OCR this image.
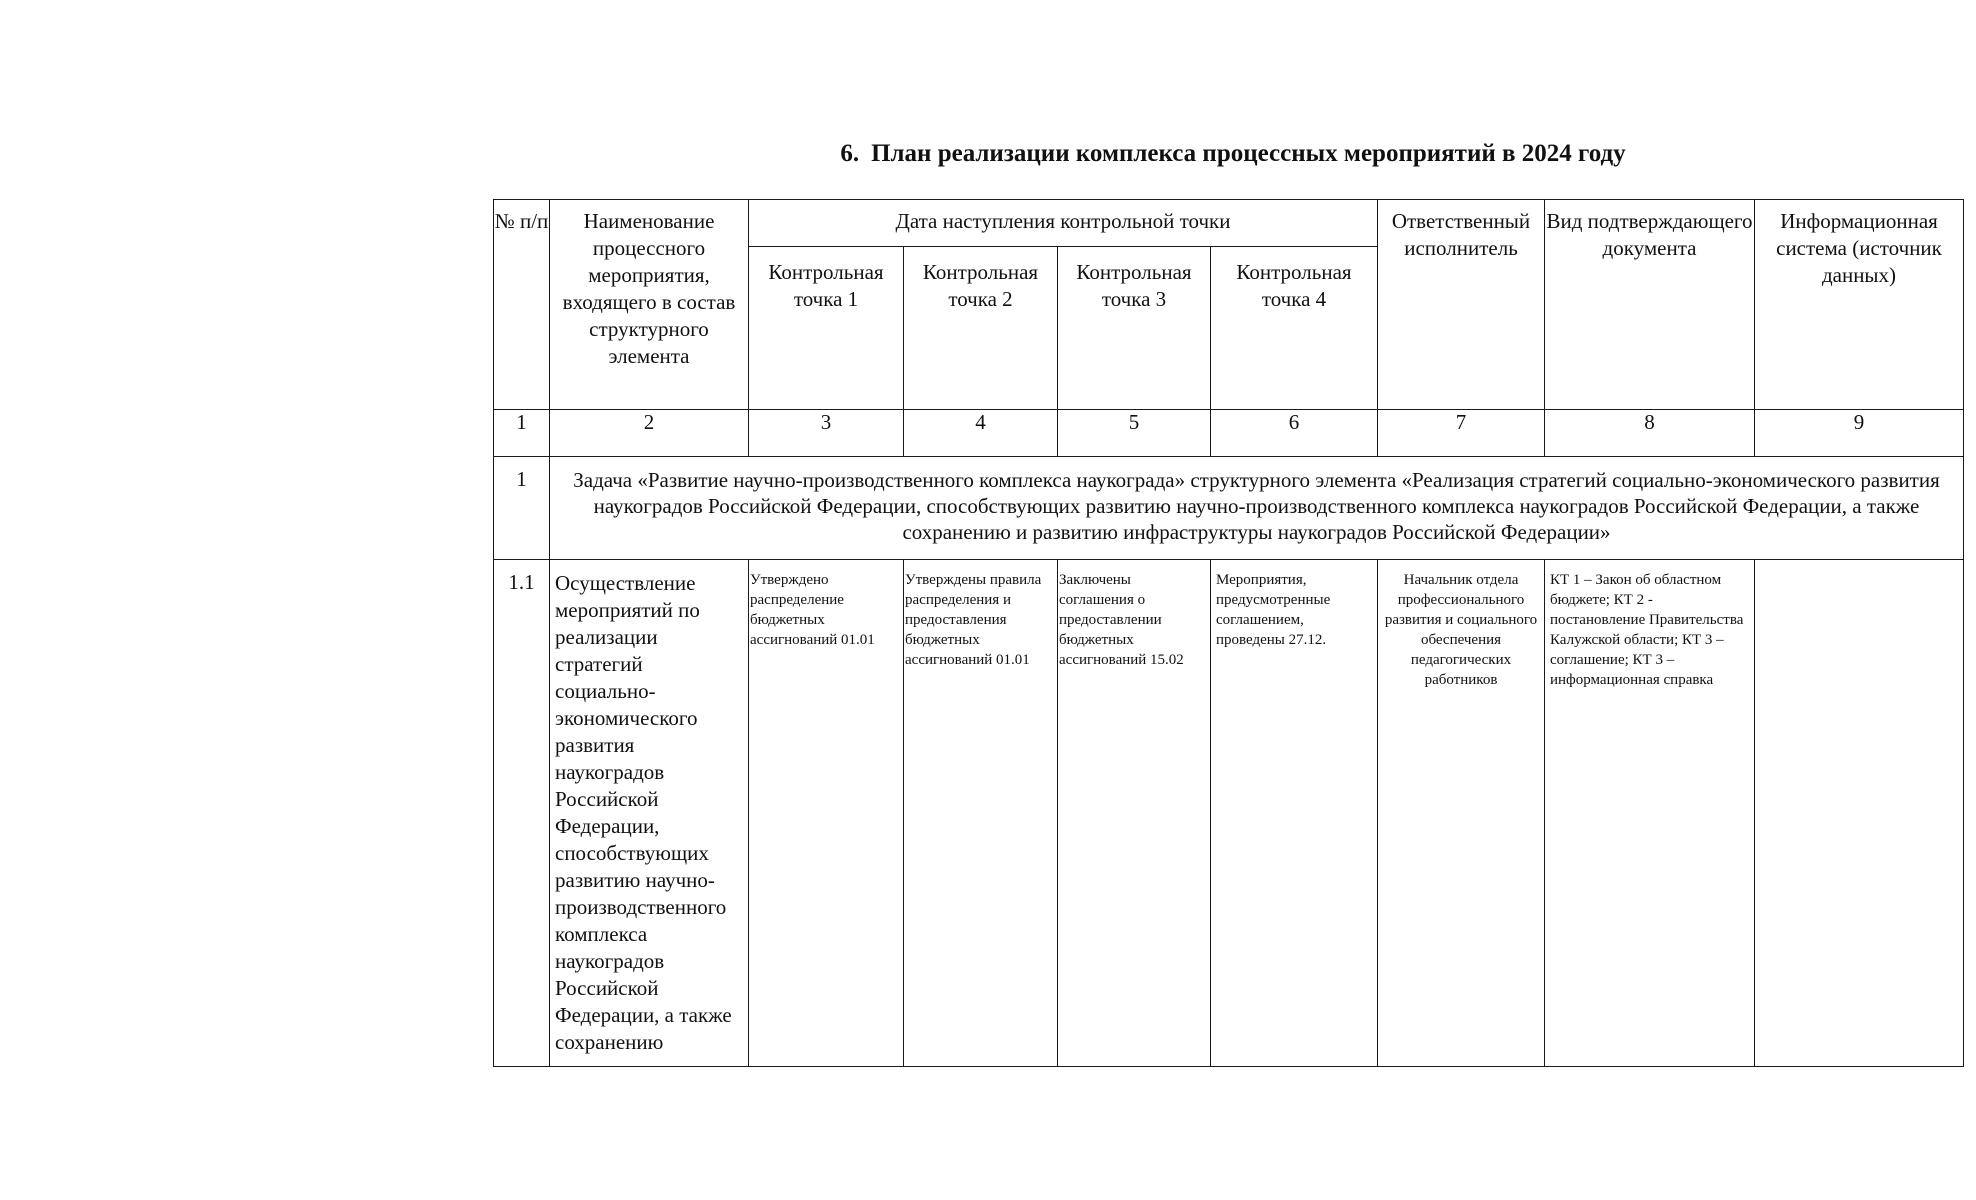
6. План реализации комплекса процессных мероприятий в 2024 году
№ п/п	Наименование процессного мероприятия, входящего в состав структурного элемента	Дата наступления контрольной точки				Ответственный исполнитель	Вид подтверждающего документа	Информационная система (источник данных)
		Контрольная точка 1	Контрольная точка 2	Контрольная точка 3	Контрольная точка 4			
1	2	3	4	5	6	7	8	9
1	Задача «Развитие научно-производственного комплекса наукограда» структурного элемента «Реализация стратегий социально-экономического развития наукоградов Российской Федерации, способствующих развитию научно-производственного комплекса наукоградов Российской Федерации, а также сохранению и развитию инфраструктуры наукоградов Российской Федерации»							
1.1	Осуществление мероприятий по реализации стратегий социально-экономического развития наукоградов Российской Федерации, способствующих развитию научно-производственного комплекса наукоградов Российской Федерации, а также сохранению	Утверждено распределение бюджетных ассигнований 01.01	Утверждены правила распределения и предоставления бюджетных ассигнований 01.01	Заключены соглашения о предоставлении бюджетных ассигнований 15.02	Мероприятия, предусмотренные соглашением, проведены 27.12.	Начальник отдела профессионального развития и социального обеспечения педагогических работников	КТ 1 – Закон об областном бюджете; КТ 2 - постановление Правительства Калужской области; КТ 3 – соглашение; КТ 3 – информационная справка	
